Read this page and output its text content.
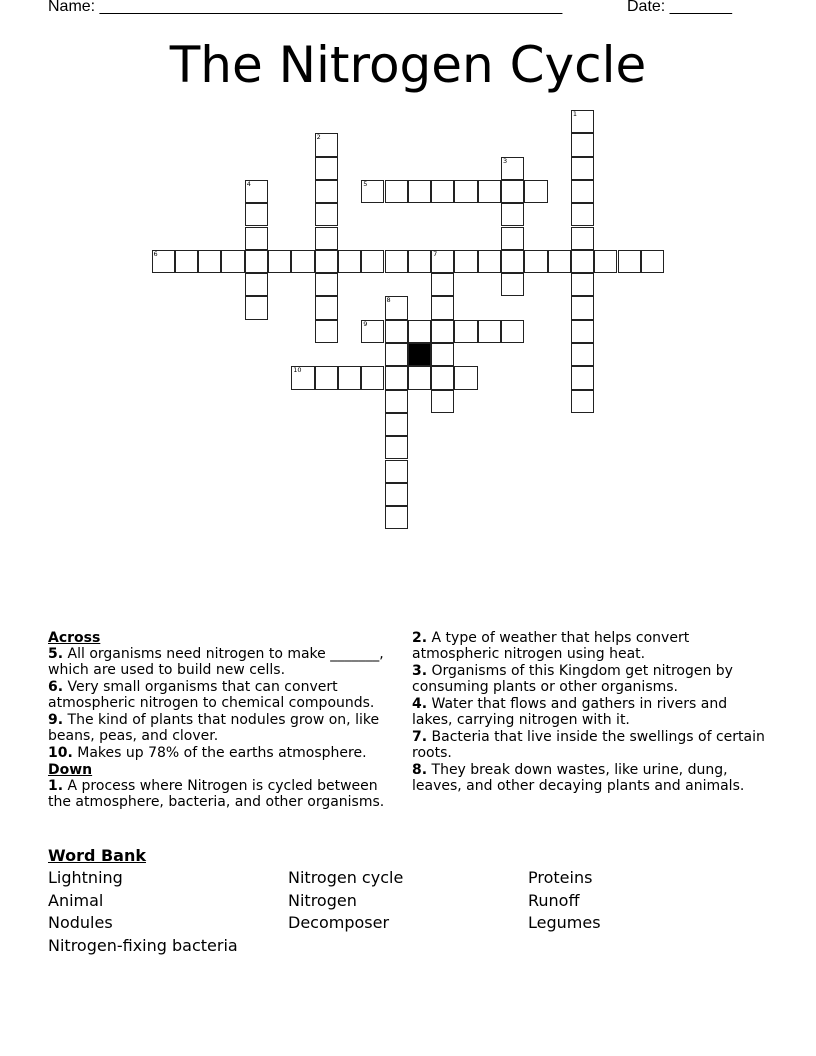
Name: ____________________________________________________	Date: _______
The Nitrogen Cycle
1
2
3
4	5
6	7
8
9
10
Across
5. All organisms need nitrogen to make _______, which are used to build new cells.
6. Very small organisms that can convert atmospheric nitrogen to chemical compounds.
9. The kind of plants that nodules grow on, like beans, peas, and clover.
10. Makes up 78% of the earths atmosphere.
Down
1. A process where Nitrogen is cycled between the atmosphere, bacteria, and other organisms.
2. A type of weather that helps convert atmospheric nitrogen using heat.
3. Organisms of this Kingdom get nitrogen by consuming plants or other organisms.
4. Water that flows and gathers in rivers and lakes, carrying nitrogen with it.
7. Bacteria that live inside the swellings of certain roots.
8. They break down wastes, like urine, dung, leaves, and other decaying plants and animals.
Word Bank
Lightning	Nitrogen cycle	Proteins
Animal	Nitrogen	Runoff
Nodules	Decomposer	Legumes
Nitrogen-fixing bacteria
